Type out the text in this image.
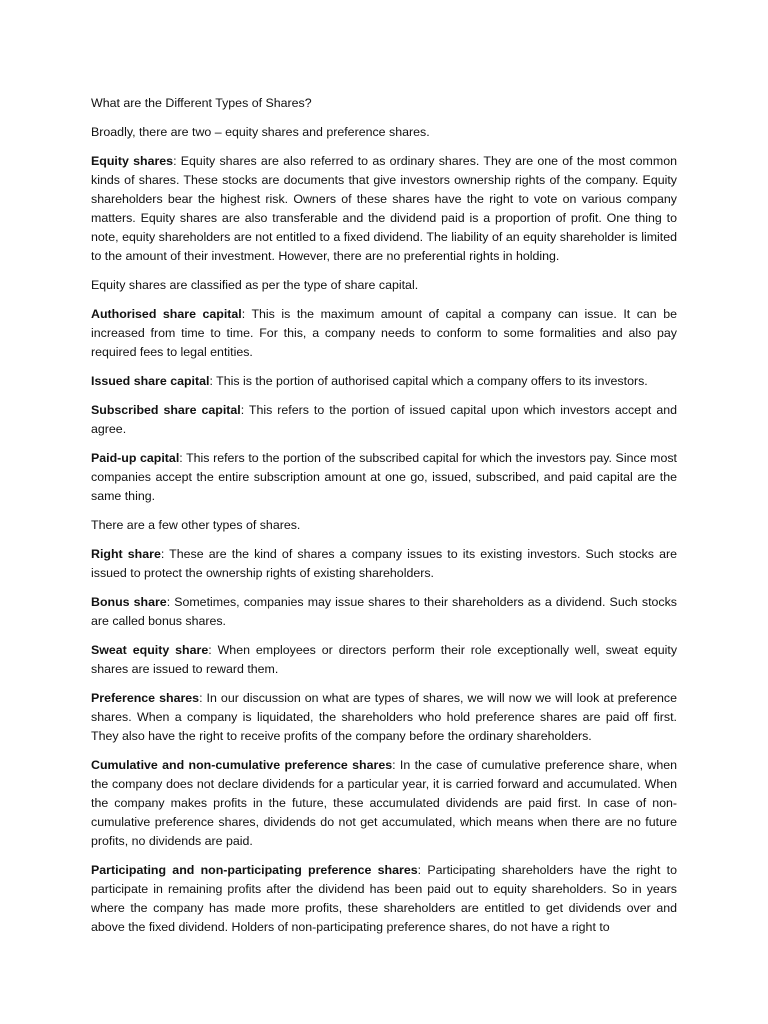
What are the Different Types of Shares?

Broadly, there are two – equity shares and preference shares.

Equity shares: Equity shares are also referred to as ordinary shares. They are one of the most common kinds of shares. These stocks are documents that give investors ownership rights of the company. Equity shareholders bear the highest risk. Owners of these shares have the right to vote on various company matters. Equity shares are also transferable and the dividend paid is a proportion of profit. One thing to note, equity shareholders are not entitled to a fixed dividend. The liability of an equity shareholder is limited to the amount of their investment. However, there are no preferential rights in holding.

Equity shares are classified as per the type of share capital.

Authorised share capital: This is the maximum amount of capital a company can issue. It can be increased from time to time. For this, a company needs to conform to some formalities and also pay required fees to legal entities.

Issued share capital: This is the portion of authorised capital which a company offers to its investors.

Subscribed share capital: This refers to the portion of issued capital upon which investors accept and agree.

Paid-up capital: This refers to the portion of the subscribed capital for which the investors pay. Since most companies accept the entire subscription amount at one go, issued, subscribed, and paid capital are the same thing.

There are a few other types of shares.

Right share: These are the kind of shares a company issues to its existing investors. Such stocks are issued to protect the ownership rights of existing shareholders.

Bonus share: Sometimes, companies may issue shares to their shareholders as a dividend. Such stocks are called bonus shares.

Sweat equity share: When employees or directors perform their role exceptionally well, sweat equity shares are issued to reward them.

Preference shares: In our discussion on what are types of shares, we will now we will look at preference shares. When a company is liquidated, the shareholders who hold preference shares are paid off first. They also have the right to receive profits of the company before the ordinary shareholders.

Cumulative and non-cumulative preference shares: In the case of cumulative preference share, when the company does not declare dividends for a particular year, it is carried forward and accumulated. When the company makes profits in the future, these accumulated dividends are paid first. In case of non-cumulative preference shares, dividends do not get accumulated, which means when there are no future profits, no dividends are paid.

Participating and non-participating preference shares: Participating shareholders have the right to participate in remaining profits after the dividend has been paid out to equity shareholders. So in years where the company has made more profits, these shareholders are entitled to get dividends over and above the fixed dividend. Holders of non-participating preference shares, do not have a right to
